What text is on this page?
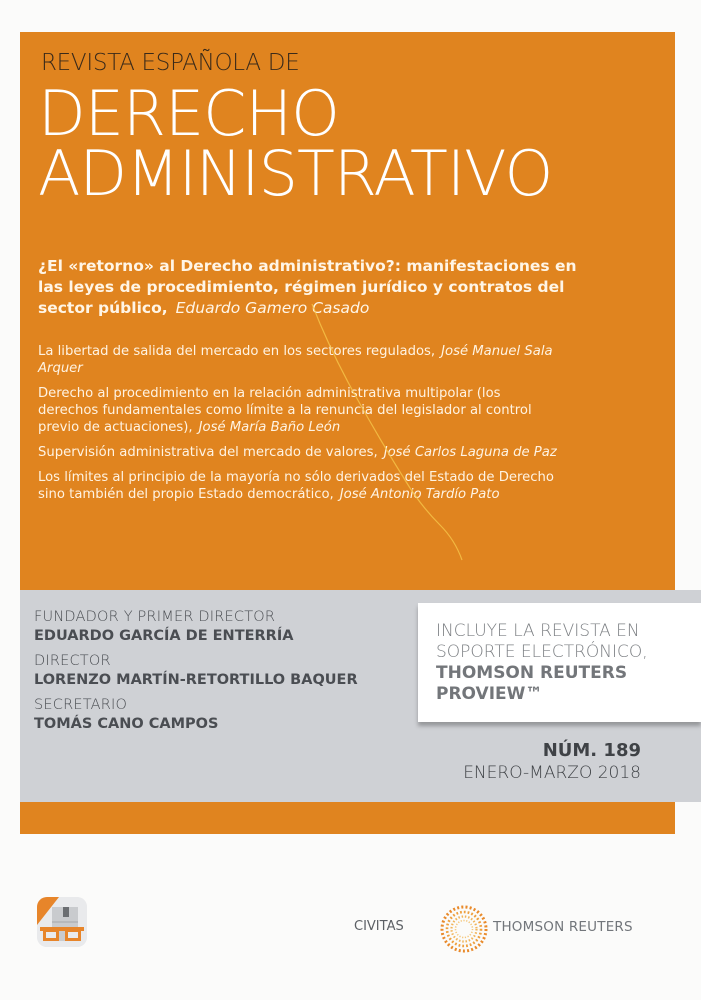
REVISTA ESPAÑOLA DE
DERECHO
ADMINISTRATIVO
¿El «retorno» al Derecho administrativo?: manifestaciones en las leyes de procedimiento, régimen jurídico y contratos del sector público, Eduardo Gamero Casado
La libertad de salida del mercado en los sectores regulados, José Manuel Sala Arquer
Derecho al procedimiento en la relación administrativa multipolar (los derechos fundamentales como límite a la renuncia del legislador al control previo de actuaciones), José María Baño León
Supervisión administrativa del mercado de valores, José Carlos Laguna de Paz
Los límites al principio de la mayoría no sólo derivados del Estado de Derecho sino también del propio Estado democrático, José Antonio Tardío Pato
FUNDADOR Y PRIMER DIRECTOR
EDUARDO GARCÍA DE ENTERRÍA
DIRECTOR
LORENZO MARTÍN-RETORTILLO BAQUER
SECRETARIO
TOMÁS CANO CAMPOS
INCLUYE LA REVISTA EN
SOPORTE ELECTRÓNICO,
THOMSON REUTERS
PROVIEW™
NÚM. 189
ENERO-MARZO 2018
CIVITAS	THOMSON REUTERS
